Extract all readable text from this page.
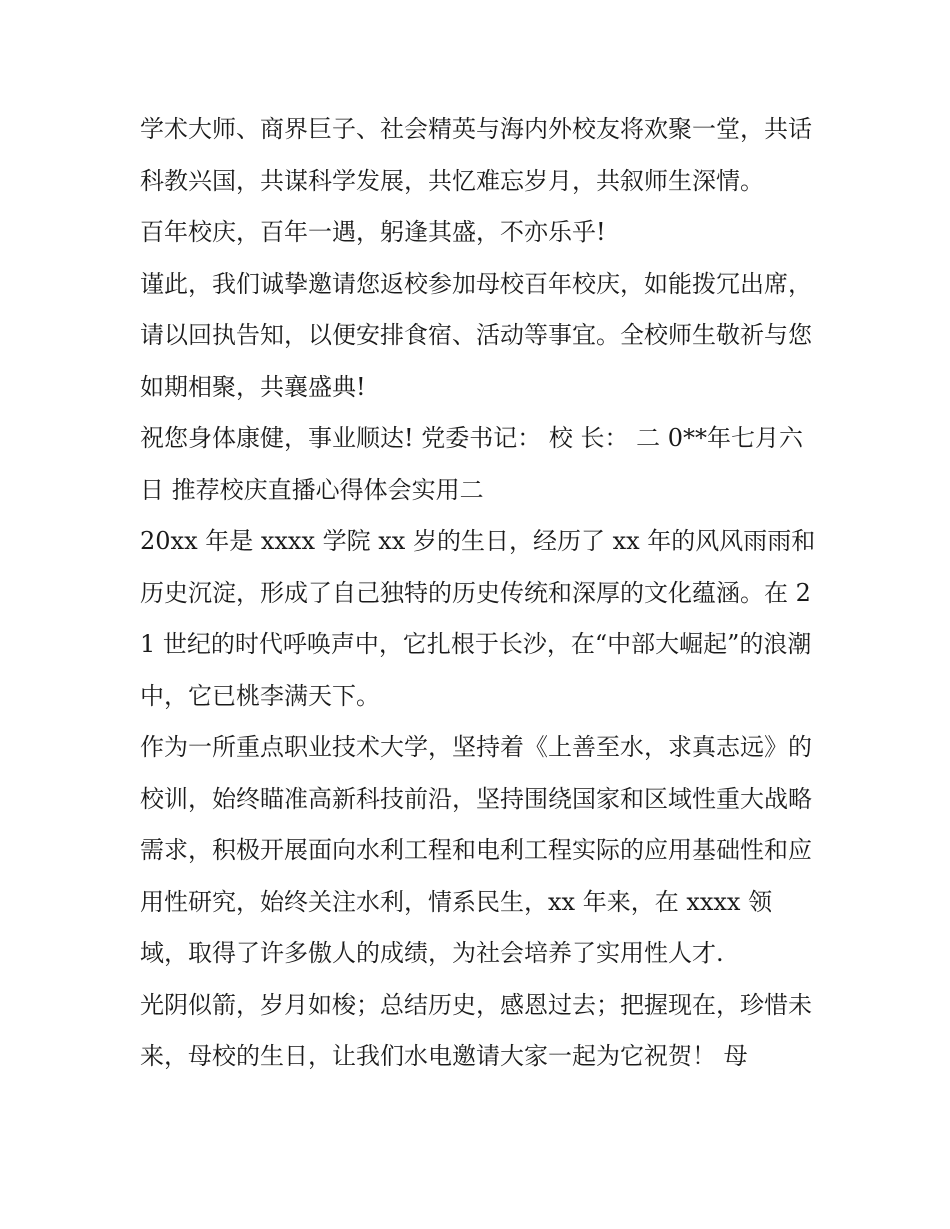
学术大师、商界巨子、社会精英与海内外校友将欢聚一堂，共话科教兴国，共谋科学发展，共忆难忘岁月，共叙师生深情。

百年校庆，百年一遇，躬逢其盛，不亦乐乎!

谨此，我们诚挚邀请您返校参加母校百年校庆，如能拨冗出席，请以回执告知，以便安排食宿、活动等事宜。全校师生敬祈与您如期相聚，共襄盛典!

祝您身体康健，事业顺达! 党委书记： 校 长： 二 0**年七月六日 推荐校庆直播心得体会实用二

20xx 年是 xxxx 学院 xx 岁的生日，经历了 xx 年的风风雨雨和历史沉淀，形成了自己独特的历史传统和深厚的文化蕴涵。在 21 世纪的时代呼唤声中，它扎根于长沙，在“中部大崛起”的浪潮中，它已桃李满天下。

作为一所重点职业技术大学，坚持着《上善至水，求真志远》的校训，始终瞄准高新科技前沿，坚持围绕国家和区域性重大战略需求，积极开展面向水利工程和电利工程实际的应用基础性和应用性研究，始终关注水利，情系民生，xx 年来，在 xxxx 领域，取得了许多傲人的成绩，为社会培养了实用性人才.

光阴似箭，岁月如梭；总结历史，感恩过去；把握现在，珍惜未来，母校的生日，让我们水电邀请大家一起为它祝贺！ 母
